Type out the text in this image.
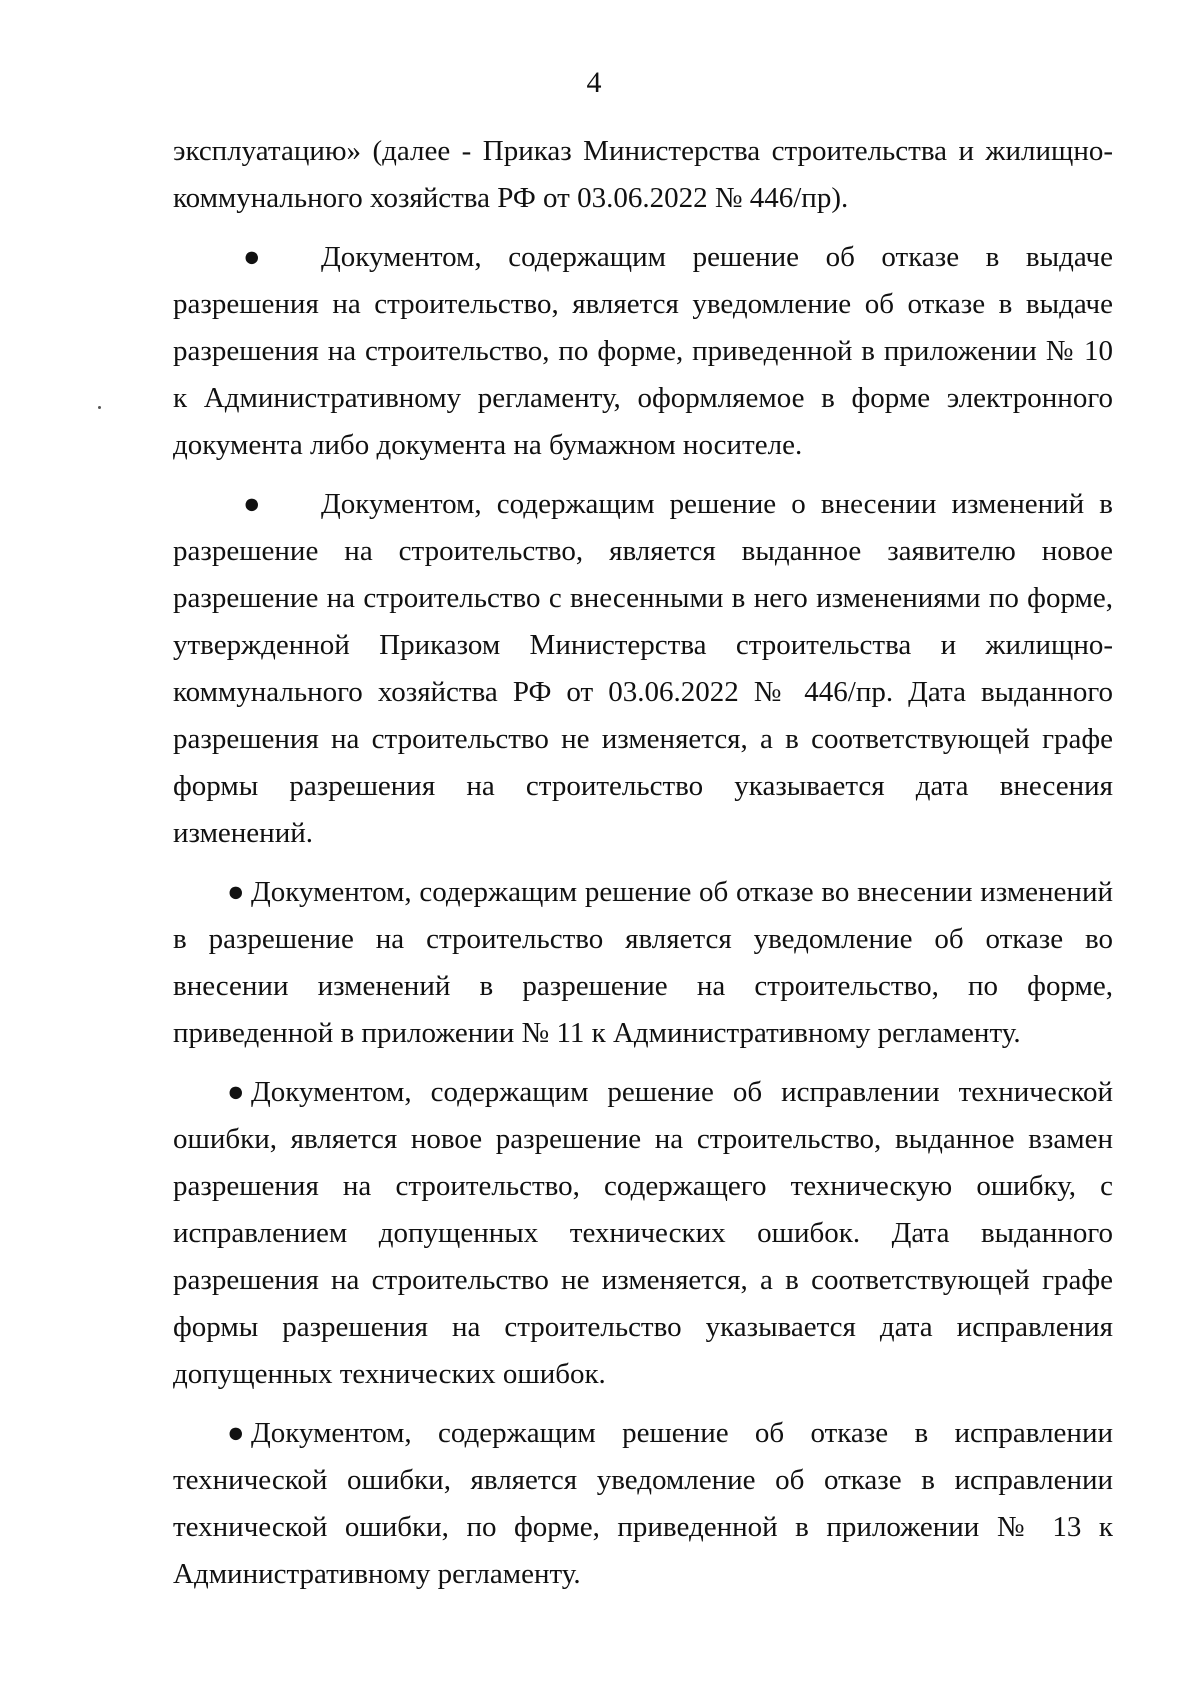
4

эксплуатацию» (далее - Приказ Министерства строительства и жилищно-коммунального хозяйства РФ от 03.06.2022 № 446/пр).

● Документом, содержащим решение об отказе в выдаче разрешения на строительство, является уведомление об отказе в выдаче разрешения на строительство, по форме, приведенной в приложении № 10 к Административному регламенту, оформляемое в форме электронного документа либо документа на бумажном носителе.

● Документом, содержащим решение о внесении изменений в разрешение на строительство, является выданное заявителю новое разрешение на строительство с внесенными в него изменениями по форме, утвержденной Приказом Министерства строительства и жилищно-коммунального хозяйства РФ от 03.06.2022 № 446/пр. Дата выданного разрешения на строительство не изменяется, а в соответствующей графе формы разрешения на строительство указывается дата внесения изменений.

● Документом, содержащим решение об отказе во внесении изменений в разрешение на строительство является уведомление об отказе во внесении изменений в разрешение на строительство, по форме, приведенной в приложении № 11 к Административному регламенту.

● Документом, содержащим решение об исправлении технической ошибки, является новое разрешение на строительство, выданное взамен разрешения на строительство, содержащего техническую ошибку, с исправлением допущенных технических ошибок. Дата выданного разрешения на строительство не изменяется, а в соответствующей графе формы разрешения на строительство указывается дата исправления допущенных технических ошибок.

● Документом, содержащим решение об отказе в исправлении технической ошибки, является уведомление об отказе в исправлении технической ошибки, по форме, приведенной в приложении № 13 к Административному регламенту.
